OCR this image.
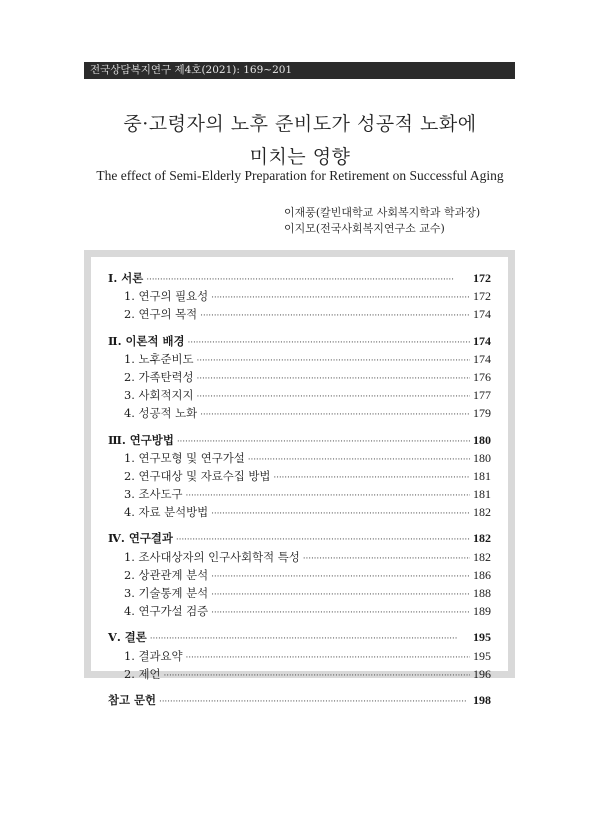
전국상담복지연구 제4호(2021): 169~201
중·고령자의 노후 준비도가 성공적 노화에
미치는 영향
The effect of Semi-Elderly Preparation for Retirement on Successful Aging
이재풍(칼빈대학교 사회복지학과 학과장)
이지모(전국사회복지연구소 교수)
Ⅰ. 서론 · · ·	172
1. 연구의 필요성 · · ·	172
2. 연구의 목적 · · ·	174
Ⅱ. 이론적 배경 · · ·	174
1. 노후준비도 · · ·	174
2. 가족탄력성 · · ·	176
3. 사회적지지 · · ·	177
4. 성공적 노화 · · ·	179
Ⅲ. 연구방법 · · ·	180
1. 연구모형 및 연구가설 · · ·	180
2. 연구대상 및 자료수집 방법 · · ·	181
3. 조사도구 · · ·	181
4. 자료 분석방법 · · ·	182
Ⅳ. 연구결과 · · ·	182
1. 조사대상자의 인구사회학적 특성 · · ·	182
2. 상관관계 분석 · · ·	186
3. 기술통계 분석 · · ·	188
4. 연구가설 검증 · · ·	189
Ⅴ. 결론 · · ·	195
1. 결과요약 · · ·	195
2. 제언 · · ·	196
참고 문헌 · · ·	198
